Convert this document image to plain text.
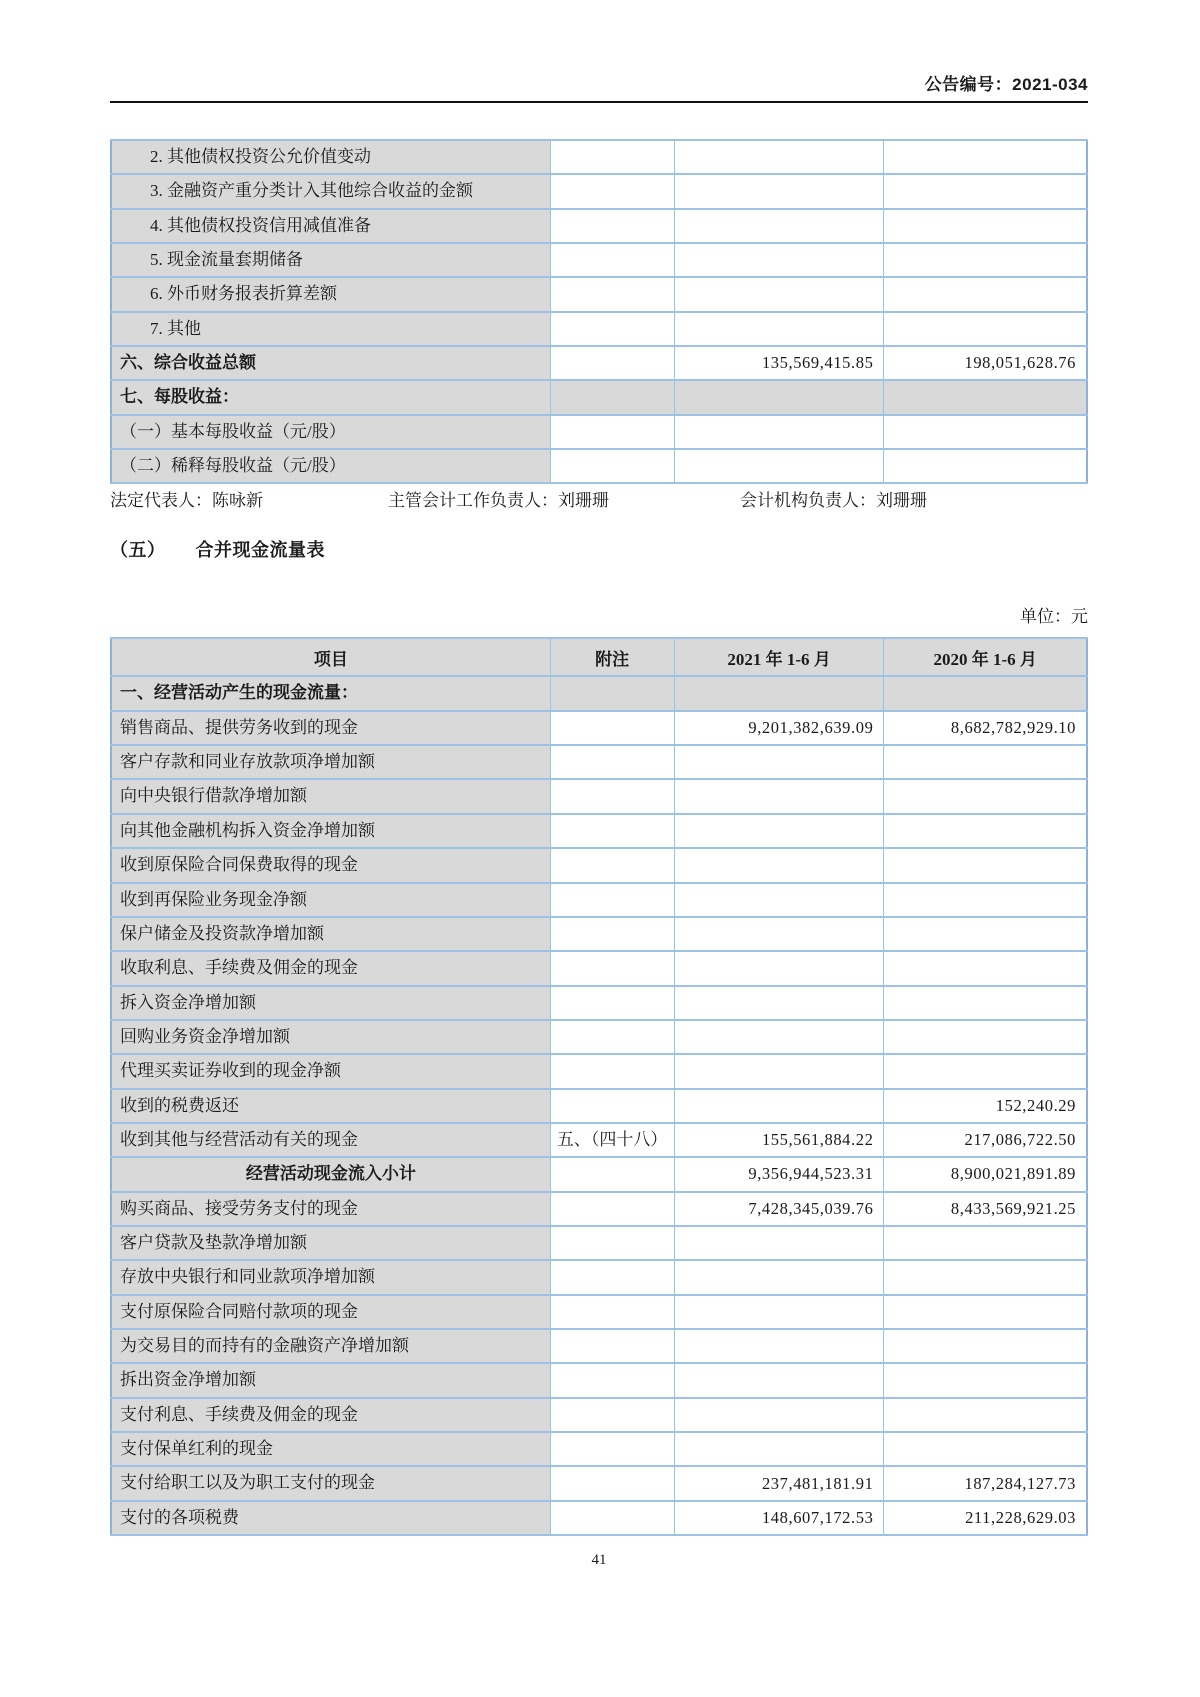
公告编号：2021-034
2. 其他债权投资公允价值变动			
3. 金融资产重分类计入其他综合收益的金额			
4. 其他债权投资信用减值准备			
5. 现金流量套期储备			
6. 外币财务报表折算差额			
7. 其他			
六、综合收益总额		135,569,415.85	198,051,628.76
七、每股收益：			
（一）基本每股收益（元/股）			
（二）稀释每股收益（元/股）			
法定代表人：陈咏新	主管会计工作负责人：刘珊珊	会计机构负责人：刘珊珊
（五） 合并现金流量表
单位：元
项目	附注	2021 年 1-6 月	2020 年 1-6 月
一、经营活动产生的现金流量：			
销售商品、提供劳务收到的现金		9,201,382,639.09	8,682,782,929.10
客户存款和同业存放款项净增加额			
向中央银行借款净增加额			
向其他金融机构拆入资金净增加额			
收到原保险合同保费取得的现金			
收到再保险业务现金净额			
保户储金及投资款净增加额			
收取利息、手续费及佣金的现金			
拆入资金净增加额			
回购业务资金净增加额			
代理买卖证券收到的现金净额			
收到的税费返还			152,240.29
收到其他与经营活动有关的现金	五、（四十八）	155,561,884.22	217,086,722.50
经营活动现金流入小计		9,356,944,523.31	8,900,021,891.89
购买商品、接受劳务支付的现金		7,428,345,039.76	8,433,569,921.25
客户贷款及垫款净增加额			
存放中央银行和同业款项净增加额			
支付原保险合同赔付款项的现金			
为交易目的而持有的金融资产净增加额			
拆出资金净增加额			
支付利息、手续费及佣金的现金			
支付保单红利的现金			
支付给职工以及为职工支付的现金		237,481,181.91	187,284,127.73
支付的各项税费		148,607,172.53	211,228,629.03
41
